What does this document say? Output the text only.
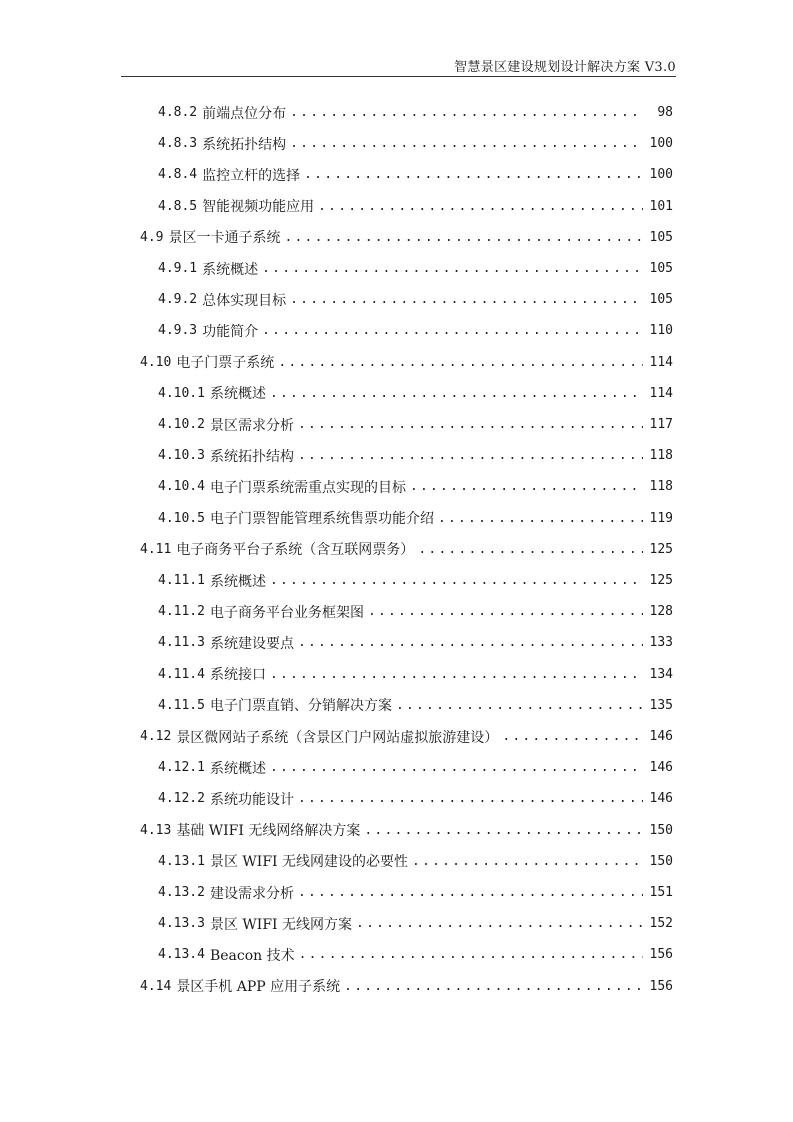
智慧景区建设规划设计解决方案 V3.0
4.8.2 前端点位分布 .....	98
4.8.3 系统拓扑结构 .....	100
4.8.4 监控立杆的选择 .....	100
4.8.5 智能视频功能应用 .....	101
4.9 景区一卡通子系统 .....	105
4.9.1 系统概述 .....	105
4.9.2 总体实现目标 .....	105
4.9.3 功能简介 .....	110
4.10 电子门票子系统 .....	114
4.10.1 系统概述 .....	114
4.10.2 景区需求分析 .....	117
4.10.3 系统拓扑结构 .....	118
4.10.4 电子门票系统需重点实现的目标 .....	118
4.10.5 电子门票智能管理系统售票功能介绍 .....	119
4.11 电子商务平台子系统（含互联网票务） .....	125
4.11.1 系统概述 .....	125
4.11.2 电子商务平台业务框架图 .....	128
4.11.3 系统建设要点 .....	133
4.11.4 系统接口 .....	134
4.11.5 电子门票直销、分销解决方案 .....	135
4.12 景区微网站子系统（含景区门户网站虚拟旅游建设） .....	146
4.12.1 系统概述 .....	146
4.12.2 系统功能设计 .....	146
4.13 基础 WIFI 无线网络解决方案 .....	150
4.13.1 景区 WIFI 无线网建设的必要性 .....	150
4.13.2 建设需求分析 .....	151
4.13.3 景区 WIFI 无线网方案 .....	152
4.13.4 Beacon 技术 .....	156
4.14 景区手机 APP 应用子系统 .....	156
